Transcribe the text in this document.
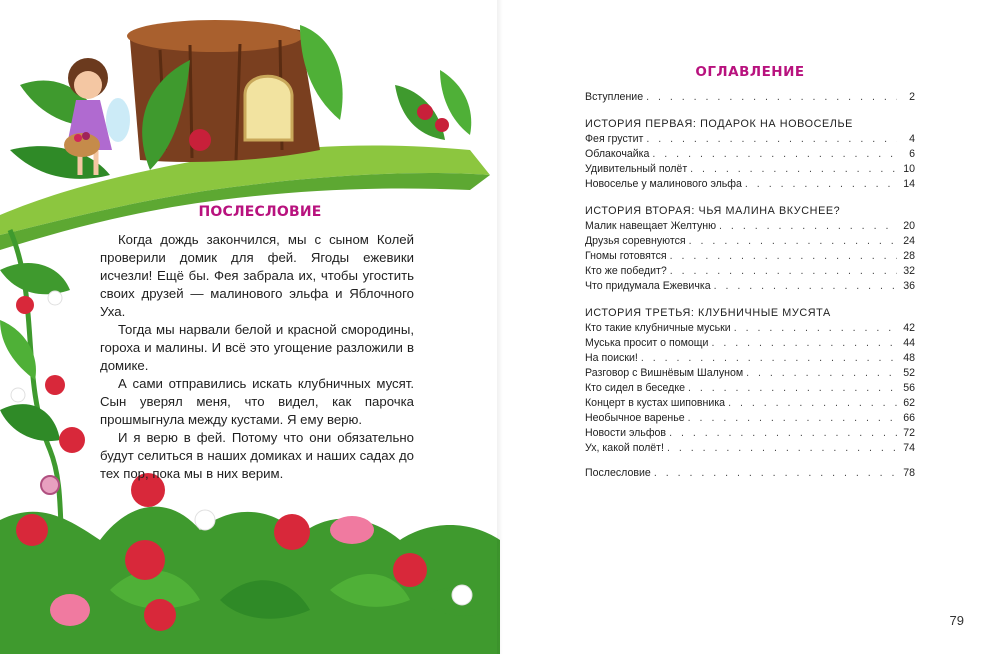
ПОСЛЕСЛОВИЕ

Когда дождь закончился, мы с сыном Колей проверили домик для фей. Ягоды ежевики исчезли! Ещё бы. Фея забрала их, чтобы угостить своих друзей — малинового эльфа и Яблочного Уха.

Тогда мы нарвали белой и красной смородины, гороха и малины. И всё это угощение разложили в домике.

А сами отправились искать клубничных мусят. Сын уверял меня, что видел, как парочка прошмыгнула между кустами. Я ему верю.

И я верю в фей. Потому что они обязательно будут селиться в наших домиках и наших садах до тех пор, пока мы в них верим.

ОГЛАВЛЕНИЕ
Вступление . . .	2
ИСТОРИЯ ПЕРВАЯ: ПОДАРОК НА НОВОСЕЛЬЕ
Фея грустит . . .	4
Облакочайка . . .	6
Удивительный полёт . . .	10
Новоселье у малинового эльфа . . .	14
ИСТОРИЯ ВТОРАЯ: ЧЬЯ МАЛИНА ВКУСНЕЕ?
Малик навещает Желтуню . . .	20
Друзья соревнуются . . .	24
Гномы готовятся . . .	28
Кто же победит? . . .	32
Что придумала Ежевичка . . .	36
ИСТОРИЯ ТРЕТЬЯ: КЛУБНИЧНЫЕ МУСЯТА
Кто такие клубничные муськи . . .	42
Муська просит о помощи . . .	44
На поиски! . . .	48
Разговор с Вишнёвым Шалуном . . .	52
Кто сидел в беседке . . .	56
Концерт в кустах шиповника . . .	62
Необычное варенье . . .	66
Новости эльфов . . .	72
Ух, какой полёт! . . .	74
Послесловие . . .	78
79
